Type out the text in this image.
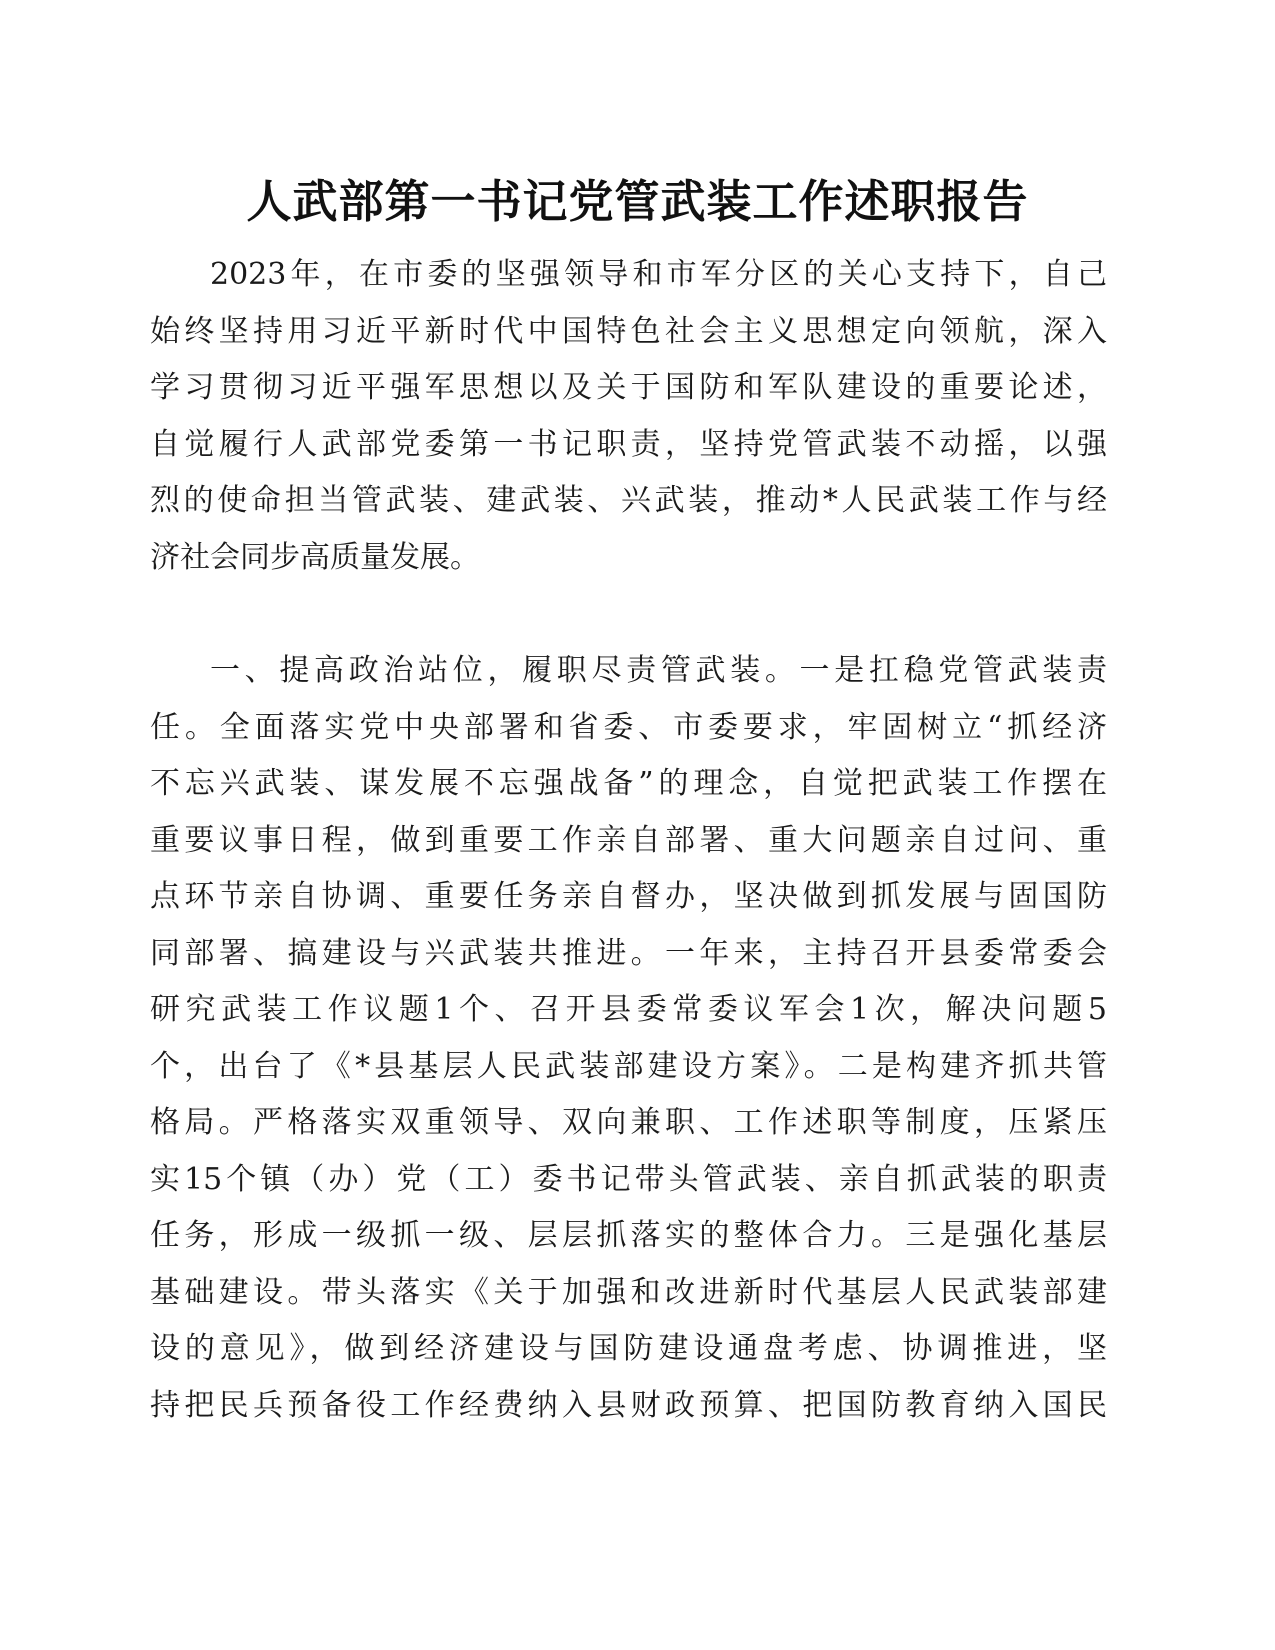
人武部第一书记党管武装工作述职报告
2023年，在市委的坚强领导和市军分区的关心支持下，自己
始终坚持用习近平新时代中国特色社会主义思想定向领航，深入
学习贯彻习近平强军思想以及关于国防和军队建设的重要论述，
自觉履行人武部党委第一书记职责，坚持党管武装不动摇，以强
烈的使命担当管武装、建武装、兴武装，推动*人民武装工作与经
济社会同步高质量发展。
一、提高政治站位，履职尽责管武装。一是扛稳党管武装责
任。全面落实党中央部署和省委、市委要求，牢固树立“抓经济
不忘兴武装、谋发展不忘强战备”的理念，自觉把武装工作摆在
重要议事日程，做到重要工作亲自部署、重大问题亲自过问、重
点环节亲自协调、重要任务亲自督办，坚决做到抓发展与固国防
同部署、搞建设与兴武装共推进。一年来，主持召开县委常委会
研究武装工作议题1个、召开县委常委议军会1次，解决问题5
个，出台了《*县基层人民武装部建设方案》。二是构建齐抓共管
格局。严格落实双重领导、双向兼职、工作述职等制度，压紧压
实15个镇（办）党（工）委书记带头管武装、亲自抓武装的职责
任务，形成一级抓一级、层层抓落实的整体合力。三是强化基层
基础建设。带头落实《关于加强和改进新时代基层人民武装部建
设的意见》，做到经济建设与国防建设通盘考虑、协调推进，坚
持把民兵预备役工作经费纳入县财政预算、把国防教育纳入国民
